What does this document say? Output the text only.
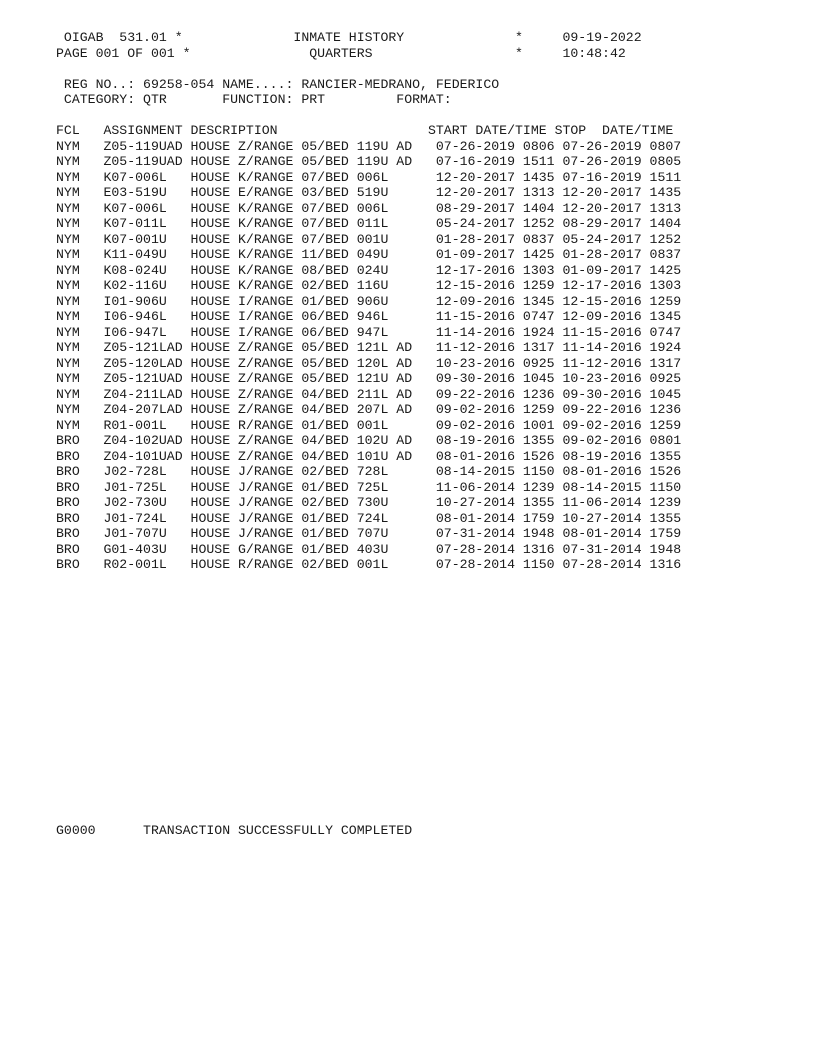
OIGAB  531.01 *              INMATE HISTORY              *     09-19-2022
PAGE 001 OF 001 *               QUARTERS                  *     10:48:42
REG NO..: 69258-054 NAME....: RANCIER-MEDRANO, FEDERICO
CATEGORY: QTR       FUNCTION: PRT         FORMAT:
FCL   ASSIGNMENT DESCRIPTION                   START DATE/TIME STOP  DATE/TIME
NYM   Z05-119UAD HOUSE Z/RANGE 05/BED 119U AD   07-26-2019 0806 07-26-2019 0807
NYM   Z05-119UAD HOUSE Z/RANGE 05/BED 119U AD   07-16-2019 1511 07-26-2019 0805
NYM   K07-006L   HOUSE K/RANGE 07/BED 006L      12-20-2017 1435 07-16-2019 1511
NYM   E03-519U   HOUSE E/RANGE 03/BED 519U      12-20-2017 1313 12-20-2017 1435
NYM   K07-006L   HOUSE K/RANGE 07/BED 006L      08-29-2017 1404 12-20-2017 1313
NYM   K07-011L   HOUSE K/RANGE 07/BED 011L      05-24-2017 1252 08-29-2017 1404
NYM   K07-001U   HOUSE K/RANGE 07/BED 001U      01-28-2017 0837 05-24-2017 1252
NYM   K11-049U   HOUSE K/RANGE 11/BED 049U      01-09-2017 1425 01-28-2017 0837
NYM   K08-024U   HOUSE K/RANGE 08/BED 024U      12-17-2016 1303 01-09-2017 1425
NYM   K02-116U   HOUSE K/RANGE 02/BED 116U      12-15-2016 1259 12-17-2016 1303
NYM   I01-906U   HOUSE I/RANGE 01/BED 906U      12-09-2016 1345 12-15-2016 1259
NYM   I06-946L   HOUSE I/RANGE 06/BED 946L      11-15-2016 0747 12-09-2016 1345
NYM   I06-947L   HOUSE I/RANGE 06/BED 947L      11-14-2016 1924 11-15-2016 0747
NYM   Z05-121LAD HOUSE Z/RANGE 05/BED 121L AD   11-12-2016 1317 11-14-2016 1924
NYM   Z05-120LAD HOUSE Z/RANGE 05/BED 120L AD   10-23-2016 0925 11-12-2016 1317
NYM   Z05-121UAD HOUSE Z/RANGE 05/BED 121U AD   09-30-2016 1045 10-23-2016 0925
NYM   Z04-211LAD HOUSE Z/RANGE 04/BED 211L AD   09-22-2016 1236 09-30-2016 1045
NYM   Z04-207LAD HOUSE Z/RANGE 04/BED 207L AD   09-02-2016 1259 09-22-2016 1236
NYM   R01-001L   HOUSE R/RANGE 01/BED 001L      09-02-2016 1001 09-02-2016 1259
BRO   Z04-102UAD HOUSE Z/RANGE 04/BED 102U AD   08-19-2016 1355 09-02-2016 0801
BRO   Z04-101UAD HOUSE Z/RANGE 04/BED 101U AD   08-01-2016 1526 08-19-2016 1355
BRO   J02-728L   HOUSE J/RANGE 02/BED 728L      08-14-2015 1150 08-01-2016 1526
BRO   J01-725L   HOUSE J/RANGE 01/BED 725L      11-06-2014 1239 08-14-2015 1150
BRO   J02-730U   HOUSE J/RANGE 02/BED 730U      10-27-2014 1355 11-06-2014 1239
BRO   J01-724L   HOUSE J/RANGE 01/BED 724L      08-01-2014 1759 10-27-2014 1355
BRO   J01-707U   HOUSE J/RANGE 01/BED 707U      07-31-2014 1948 08-01-2014 1759
BRO   G01-403U   HOUSE G/RANGE 01/BED 403U      07-28-2014 1316 07-31-2014 1948
BRO   R02-001L   HOUSE R/RANGE 02/BED 001L      07-28-2014 1150 07-28-2014 1316
G0000      TRANSACTION SUCCESSFULLY COMPLETED
